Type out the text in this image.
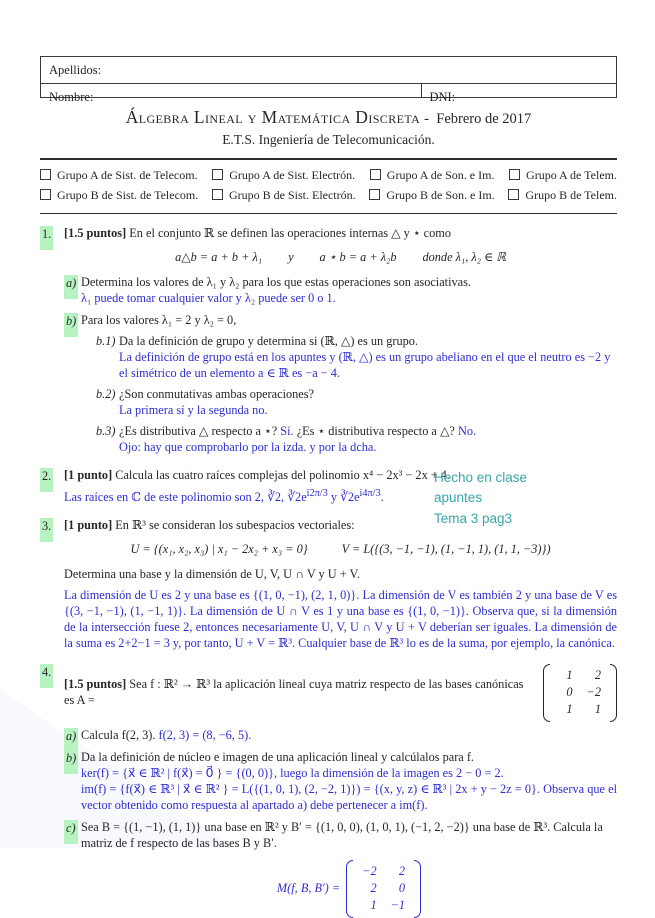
Apellidos:
Nombre:	DNI:
Álgebra Lineal y Matemática Discreta -  Febrero de 2017
E.T.S. Ingeniería de Telecomunicación.
Grupo A de Sist. de Telecom.	Grupo A de Sist. Electrón.	Grupo A de Son. e Im.	Grupo A de Telem.
Grupo B de Sist. de Telecom.	Grupo B de Sist. Electrón.	Grupo B de Son. e Im.	Grupo B de Telem.
1. [1.5 puntos] En el conjunto ℝ se definen las operaciones internas △ y ⋆ como
a△b = a + b + λ₁ y a ⋆ b = a + λ₂b donde λ₁, λ₂ ∈ ℝ
a) Determina los valores de λ₁ y λ₂ para los que estas operaciones son asociativas.
λ₁ puede tomar cualquier valor y λ₂ puede ser 0 o 1.
b) Para los valores λ₁ = 2 y λ₂ = 0,
b.1) Da la definición de grupo y determina si (ℝ, △) es un grupo.
La definición de grupo está en los apuntes y (ℝ, △) es un grupo abeliano en el que el neutro es −2 y el simétrico de un elemento a ∈ ℝ es −a − 4.
b.2) ¿Son conmutativas ambas operaciones?
La primera sí y la segunda no.
b.3) ¿Es distributiva △ respecto a ⋆? Sí. ¿Es ⋆ distributiva respecto a △? No.
Ojo: hay que comprobarlo por la izda. y por la dcha.
2. [1 punto] Calcula las cuatro raíces complejas del polinomio x⁴ − 2x³ − 2x + 4.
Las raíces en ℂ de este polinomio son 2, ∛2, $∛2e^{i2\pi/3}$ y $∛2e^{i4\pi/3}$.
Hecho en clase
apuntes
Tema 3 pag3
3. [1 punto] En ℝ³ se consideran los subespacios vectoriales:
U = {(x₁, x₂, x₃) | x₁ − 2x₂ + x₃ = 0}	V = L({(3, −1, −1), (1, −1, 1), (1, 1, −3)})
Determina una base y la dimensión de U, V, U ∩ V y U + V.
La dimensión de U es 2 y una base es {(1, 0, −1), (2, 1, 0)}. La dimensión de V es también 2 y una base de V es {(3, −1, −1), (1, −1, 1)}. La dimensión de U ∩ V es 1 y una base es {(1, 0, −1)}. Observa que, si la dimensión de la intersección fuese 2, entonces necesariamente U, V, U ∩ V y U + V deberían ser iguales. La dimensión de la suma es 2+2−1 = 3 y, por tanto, U + V = ℝ³. Cualquier base de ℝ³ lo es de la suma, por ejemplo, la canónica.
4.
[1.5 puntos] Sea f : ℝ² → ℝ³ la aplicación lineal cuya matriz respecto de las bases canónicas es A =
1	2
0 −2
1	1
a) Calcula f(2, 3). f(2, 3) = (8, −6, 5).
b) Da la definición de núcleo e imagen de una aplicación lineal y calcúlalos para f.
ker(f) = {x⃗ ∈ ℝ² | f(x⃗) = 0⃗ } = {(0, 0)}, luego la dimensión de la imagen es 2 − 0 = 2.
im(f) = {f(x⃗) ∈ ℝ³ | x⃗ ∈ ℝ² } = L({(1, 0, 1), (2, −2, 1)}) = {(x, y, z) ∈ ℝ³ | 2x + y − 2z = 0}. Observa que el vector obtenido como respuesta al apartado a) debe pertenecer a im(f).
c) Sea B = {(1, −1), (1, 1)} una base en ℝ² y B′ = {(1, 0, 0), (1, 0, 1), (−1, 2, −2)} una base de ℝ³. Calcula la matriz de f respecto de las bases B y B′.
M(f, B, B′) =
−2	2
2	0
1 −1
